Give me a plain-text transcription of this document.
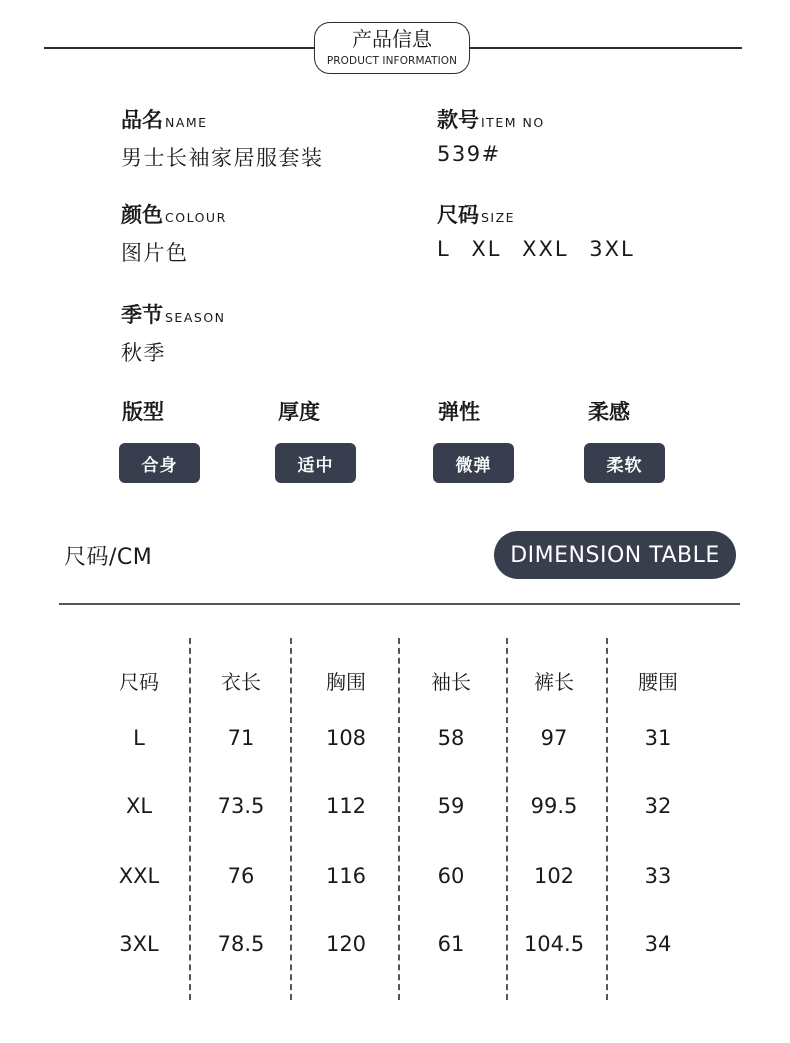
产品信息
PRODUCT INFORMATION
品名 NAME
男士长袖家居服套装
款号 ITEM NO
539#
颜色 COLOUR
图片色
尺码 SIZE
L XL XXL 3XL
季节 SEASON
秋季
版型	厚度	弹性	柔感
合身	适中	微弹	柔软
尺码/CM	DIMENSION TABLE
尺码	衣长	胸围	袖长	裤长	腰围
L	71	108	58	97	31
XL	73.5	112	59	99.5	32
XXL	76	116	60	102	33
3XL	78.5	120	61	104.5	34
